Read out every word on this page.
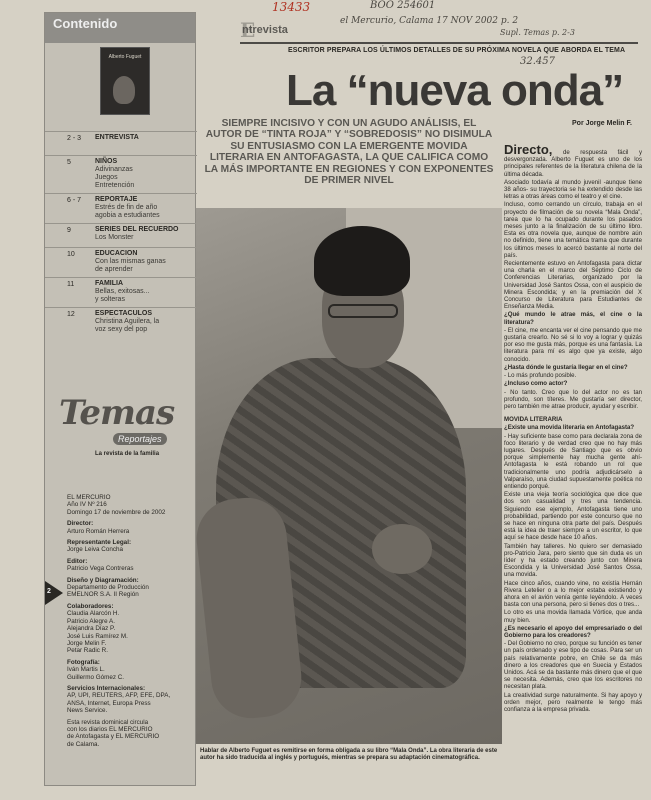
13433	BOO 254601
el Mercurio, Calama 17 NOV 2002 p. 2
32.457
Supl. Temas p. 2-3
Contenido
Alberto Fuguet
2 - 3 ENTREVISTA
5	NIÑOS
Adivinanzas
Juegos
Entretención
6 - 7 REPORTAJE
Estrés de fin de año
agobia a estudiantes
9	SERIES DEL RECUERDO
Los Monster
10	EDUCACION
Con las mismas ganas
de aprender
11	FAMILIA
Bellas, exitosas...
y solteras
12	ESPECTACULOS
Christina Aguilera, la
voz sexy del pop
Temas
Reportajes
La revista de la familia
EL MERCURIO
Año IV Nº 216
Domingo 17 de noviembre de 2002
Director:
Arturo Román Herrera
Representante Legal:
Jorge Leiva Concha
Editor:
Patricio Vega Contreras
Diseño y Diagramación:
Departamento de Producción
EMELNOR S.A. II Región
Colaboradores:
Claudia Alarcón H.
Patricio Alegre A.
Alejandra Díaz P.
José Luis Ramírez M.
Jorge Melin F.
Petar Radic R.
Fotografía:
Iván Martis L.
Guillermo Gómez C.
Servicios Internacionales:
AP, UPI, REUTERS, AFP, EFE, DPA,
ANSA, Internet, Europa Press
News Service.
Esta revista dominical circula
con los diarios EL MERCURIO
de Antofagasta y EL MERCURIO
de Calama.
2
E ntrevista
ESCRITOR PREPARA LOS ÚLTIMOS DETALLES DE SU PRÓXIMA NOVELA QUE ABORDA EL TEMA
La “nueva onda”
Por Jorge Melin F.
SIEMPRE INCISIVO Y CON UN AGUDO ANÁLISIS, EL AUTOR DE “TINTA ROJA” Y “SOBREDOSIS” NO DISIMULA SU ENTUSIASMO CON LA EMERGENTE MOVIDA LITERARIA EN ANTOFAGASTA, LA QUE CALIFICA COMO LA MÁS IMPORTANTE EN REGIONES Y CON EXPONENTES DE PRIMER NIVEL
Hablar de Alberto Fuguet es remitirse en forma obligada a su libro “Mala Onda”. La obra literaria de este autor ha sido traducida al inglés y portugués, mientras se prepara su adaptación cinematográfica.

Directo, de respuesta fácil y desvergonzada. Alberto Fuguet es uno de los principales referentes de la literatura chilena de la última década.

Asociado todavía al mundo juvenil -aunque tiene 38 años- su trayectoria se ha extendido desde las letras a otras áreas como el teatro y el cine.

Incluso, como cerrando un círculo, trabaja en el proyecto de filmación de su novela “Mala Onda”, tarea que lo ha ocupado durante los pasados meses junto a la finalización de su último libro. Esta es otra novela que, aunque de nombre aún no definido, tiene una temática trama que durante los últimos meses lo acercó bastante al norte del país.

Recientemente estuvo en Antofagasta para dictar una charla en el marco del Séptimo Ciclo de Conferencias Literarias, organizado por la Universidad José Santos Ossa, con el auspicio de Minera Escondida; y en la premiación del X Concurso de Literatura para Estudiantes de Enseñanza Media.

¿Qué mundo le atrae más, el cine o la literatura?

- El cine, me encanta ver el cine pensando que me gustaría crearlo. No sé si lo voy a lograr y quizás por eso me gusta más, porque es una fantasía. La literatura para mí es algo que ya existe, algo conocido.

¿Hasta dónde le gustaría llegar en el cine?

- Lo más profundo posible.

¿Incluso como actor?

- No tanto. Creo que lo del actor no es tan profundo, son títeres. Me gustaría ser director, pero también me atrae producir, ayudar y escribir.

MOVIDA LITERARIA

¿Existe una movida literaria en Antofagasta?

- Hay suficiente base como para declarala zona de foco literario y de verdad creo que no hay más lugares. Después de Santiago que es obvio porque simplemente hay mucha gente ahí- Antofagasta le está robando un rol que tradicionalmente uno podría adjudicárselo a Valparaíso, una ciudad supuestamente poética no entiendo porqué.

Existe una vieja teoría sociológica que dice que dos son casualidad y tres una tendencia. Siguiendo ese ejemplo, Antofagasta tiene uno probabilidad, partiendo por este concurso que no se hace en ninguna otra parte del país. Después está la idea de traer siempre a un escritor, lo que aquí se hace desde hace 10 años.

También hay talleres. No quiero ser demasiado pro-Patricio Jara, pero siento que sin duda es un líder y ha estado creando junto con Minera Escondida y la Universidad José Santos Ossa, una movida.

Hace cinco años, cuando vine, no existía Hernán Rivera Letelier o a lo mejor estaba existiendo y ahora en el avión venía gente leyéndolo. A veces basta con una persona, pero si tienes dos o tres...

Lo otro es una movida llamada Vórtice, que anda muy bien.

¿Es necesario el apoyo del empresariado o del Gobierno para los creadores?

- Del Gobierno no creo, porque su función es tener un país ordenado y ese tipo de cosas. Para ser un país relativamente pobre, en Chile se da más dinero a los creadores que en Suecia y Estados Unidos. Acá se da bastante más dinero que el que se necesita. Además, creo que los escritores no necesitan plata.

La creatividad surge naturalmente. Si hay apoyo y orden mejor, pero realmente le tengo más confianza a la empresa privada.
